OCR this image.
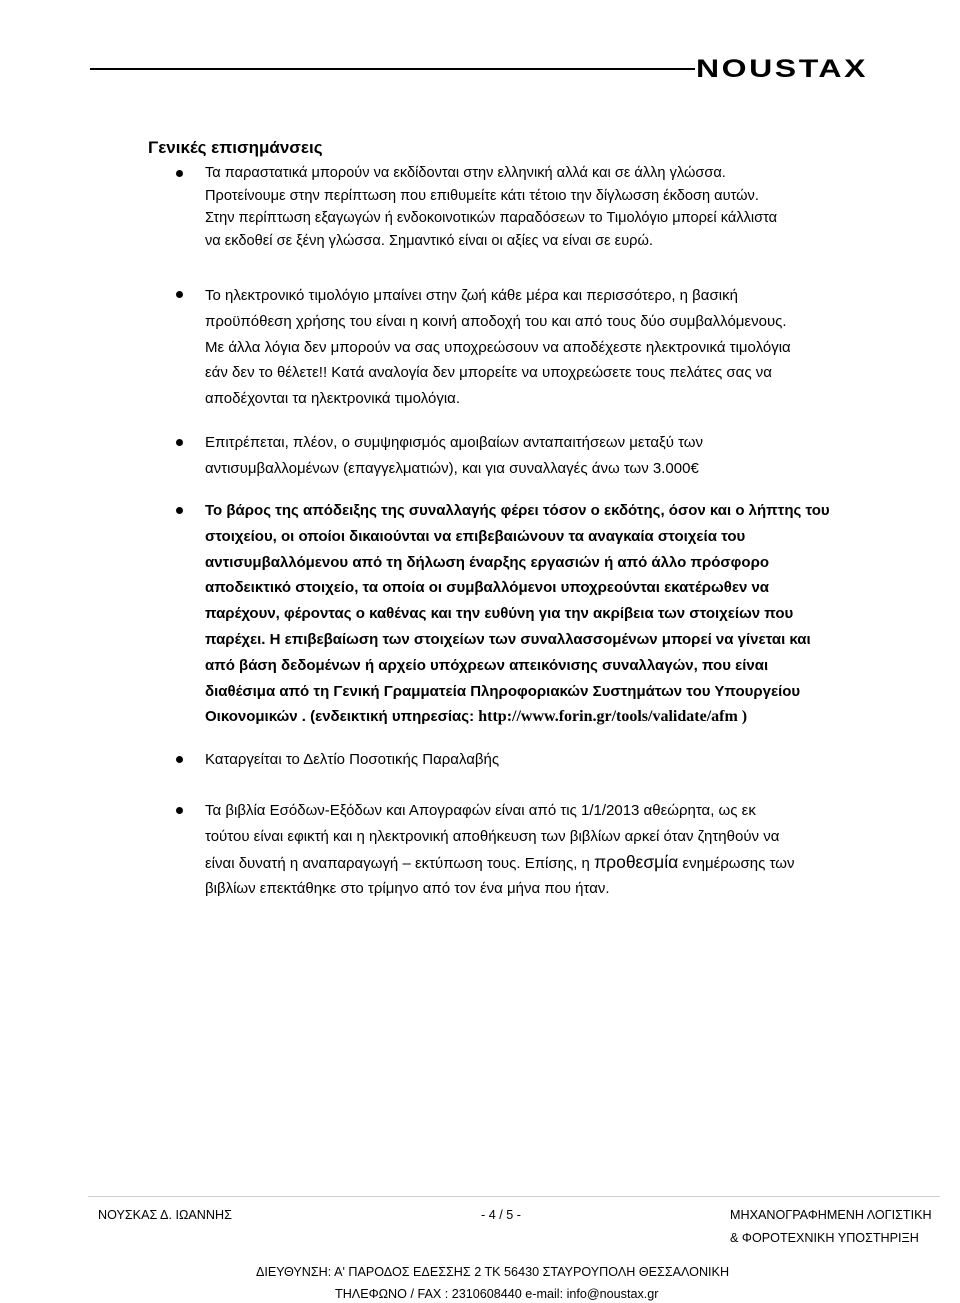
NOUSTAX
Γενικές επισημάνσεις
Τα παραστατικά μπορούν να εκδίδονται στην ελληνική αλλά και σε άλλη γλώσσα.
Προτείνουμε στην περίπτωση που επιθυμείτε κάτι τέτοιο την δίγλωσση έκδοση αυτών.
Στην περίπτωση εξαγωγών ή ενδοκοινοτικών παραδόσεων το Τιμολόγιο μπορεί κάλλιστα
να εκδοθεί σε ξένη γλώσσα. Σημαντικό είναι οι αξίες να είναι σε ευρώ.
Το ηλεκτρονικό τιμολόγιο μπαίνει στην ζωή κάθε μέρα και περισσότερο, η βασική
προϋπόθεση χρήσης του είναι η κοινή αποδοχή του και από τους δύο συμβαλλόμενους.
Με άλλα λόγια δεν μπορούν να σας υποχρεώσουν να αποδέχεστε ηλεκτρονικά τιμολόγια
εάν δεν το θέλετε!! Κατά αναλογία δεν μπορείτε να υποχρεώσετε τους πελάτες σας να
αποδέχονται τα ηλεκτρονικά τιμολόγια.
Επιτρέπεται, πλέον, ο συμψηφισμός αμοιβαίων ανταπαιτήσεων μεταξύ των
αντισυμβαλλομένων (επαγγελματιών), και για συναλλαγές άνω των 3.000€
Το βάρος της απόδειξης της συναλλαγής φέρει τόσον ο εκδότης, όσον και ο λήπτης του
στοιχείου, οι οποίοι δικαιούνται να επιβεβαιώνουν τα αναγκαία στοιχεία του
αντισυμβαλλόμενου από τη δήλωση έναρξης εργασιών ή από άλλο πρόσφορο
αποδεικτικό στοιχείο, τα οποία οι συμβαλλόμενοι υποχρεούνται εκατέρωθεν να
παρέχουν, φέροντας ο καθένας και την ευθύνη για την ακρίβεια των στοιχείων που
παρέχει. Η επιβεβαίωση των στοιχείων των συναλλασσομένων μπορεί να γίνεται και
από βάση δεδομένων ή αρχείο υπόχρεων απεικόνισης συναλλαγών, που είναι
διαθέσιμα από τη Γενική Γραμματεία Πληροφοριακών Συστημάτων του Υπουργείου
Οικονομικών . (ενδεικτική υπηρεσίας: http://www.forin.gr/tools/validate/afm )
Καταργείται το Δελτίο Ποσοτικής Παραλαβής
Τα βιβλία Εσόδων-Εξόδων και Απογραφών είναι από τις 1/1/2013 αθεώρητα, ως εκ
τούτου είναι εφικτή και η ηλεκτρονική αποθήκευση των βιβλίων αρκεί όταν ζητηθούν να
είναι δυνατή η αναπαραγωγή – εκτύπωση τους. Επίσης, η προθεσμία ενημέρωσης των
βιβλίων επεκτάθηκε στο τρίμηνο από τον ένα μήνα που ήταν.
ΝΟΥΣΚΑΣ Δ. ΙΩΑΝΝΗΣ	- 4 / 5 -	ΜΗΧΑΝΟΓΡΑΦΗΜΕΝΗ ΛΟΓΙΣΤΙΚΗ
& ΦΟΡΟΤΕΧΝΙΚΗ ΥΠΟΣΤΗΡΙΞΗ
ΔΙΕΥΘΥΝΣΗ: Α' ΠΑΡΟΔΟΣ ΕΔΕΣΣΗΣ 2 ΤΚ 56430 ΣΤΑΥΡΟΥΠΟΛΗ ΘΕΣΣΑΛΟΝΙΚΗ
ΤΗΛΕΦΩΝΟ / FAX : 2310608440 e-mail: info@noustax.gr
